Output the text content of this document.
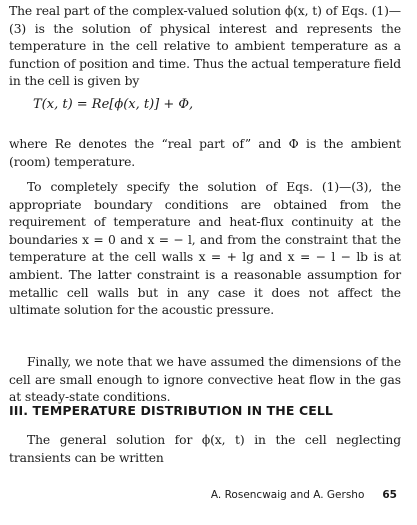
The real part of the complex-valued solution ϕ(x, t) of Eqs. (1)—(3) is the solution of physical interest and represents the temperature in the cell relative to ambient temperature as a function of position and time. Thus the actual temperature field in the cell is given by

T(x, t) = Re[ϕ(x, t)] + Φ,

where Re denotes the “real part of” and Φ is the ambient (room) temperature.

To completely specify the solution of Eqs. (1)—(3), the appropriate boundary conditions are obtained from the requirement of temperature and heat-flux continuity at the boundaries x = 0 and x = − l, and from the constraint that the temperature at the cell walls x = + lg and x = − l − lb is at ambient. The latter constraint is a reasonable assumption for metallic cell walls but in any case it does not affect the ultimate solution for the acoustic pressure.

Finally, we note that we have assumed the dimensions of the cell are small enough to ignore convective heat flow in the gas at steady-state conditions.

III. TEMPERATURE DISTRIBUTION IN THE CELL

The general solution for ϕ(x, t) in the cell neglecting transients can be written

A. Rosencwaig and A. Gersho 65
